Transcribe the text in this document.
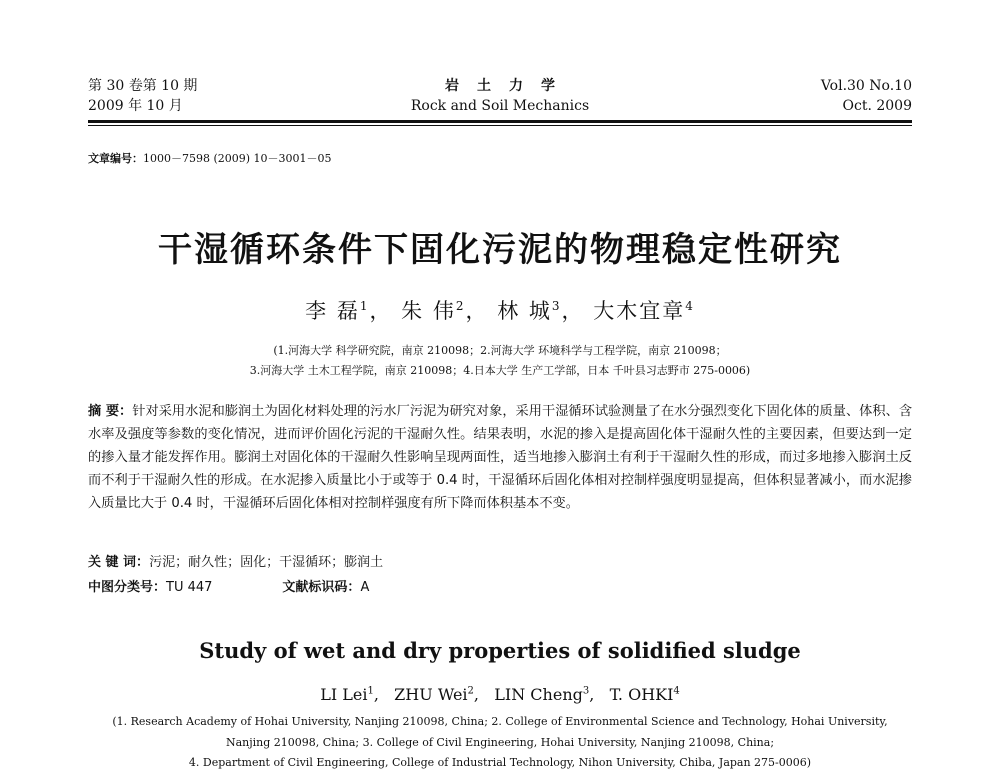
第 30 卷第 10 期
2009 年 10 月
岩土力学
Rock and Soil Mechanics
Vol.30 No.10
Oct. 2009
文章编号：1000－7598 (2009) 10－3001－05
干湿循环条件下固化污泥的物理稳定性研究
李 磊$^1$， 朱 伟$^2$， 林 城$^3$， 大木宜章$^4$
(1.河海大学 科学研究院，南京 210098；2.河海大学 环境科学与工程学院，南京 210098；
3.河海大学 土木工程学院，南京 210098；4.日本大学 生产工学部，日本 千叶县习志野市 275-0006)
摘 要：针对采用水泥和膨润土为固化材料处理的污水厂污泥为研究对象，采用干湿循环试验测量了在水分强烈变化下固化体的质量、体积、含水率及强度等参数的变化情况，进而评价固化污泥的干湿耐久性。结果表明，水泥的掺入是提高固化体干湿耐久性的主要因素，但要达到一定的掺入量才能发挥作用。膨润土对固化体的干湿耐久性影响呈现两面性，适当地掺入膨润土有利于干湿耐久性的形成，而过多地掺入膨润土反而不利于干湿耐久性的形成。在水泥掺入质量比小于或等于 0.4 时，干湿循环后固化体相对控制样强度明显提高，但体积显著减小，而水泥掺入质量比大于 0.4 时，干湿循环后固化体相对控制样强度有所下降而体积基本不变。
关 键 词：污泥；耐久性；固化；干湿循环；膨润土
中图分类号：TU 447	文献标识码：A
Study of wet and dry properties of solidified sludge
LI Lei$^1$,   ZHU Wei$^2$,   LIN Cheng$^3$,   T. OHKI$^4$
(1. Research Academy of Hohai University, Nanjing 210098, China; 2. College of Environmental Science and Technology, Hohai University,
Nanjing 210098, China; 3. College of Civil Engineering, Hohai University, Nanjing 210098, China;
4. Department of Civil Engineering, College of Industrial Technology, Nihon University, Chiba, Japan 275-0006)
